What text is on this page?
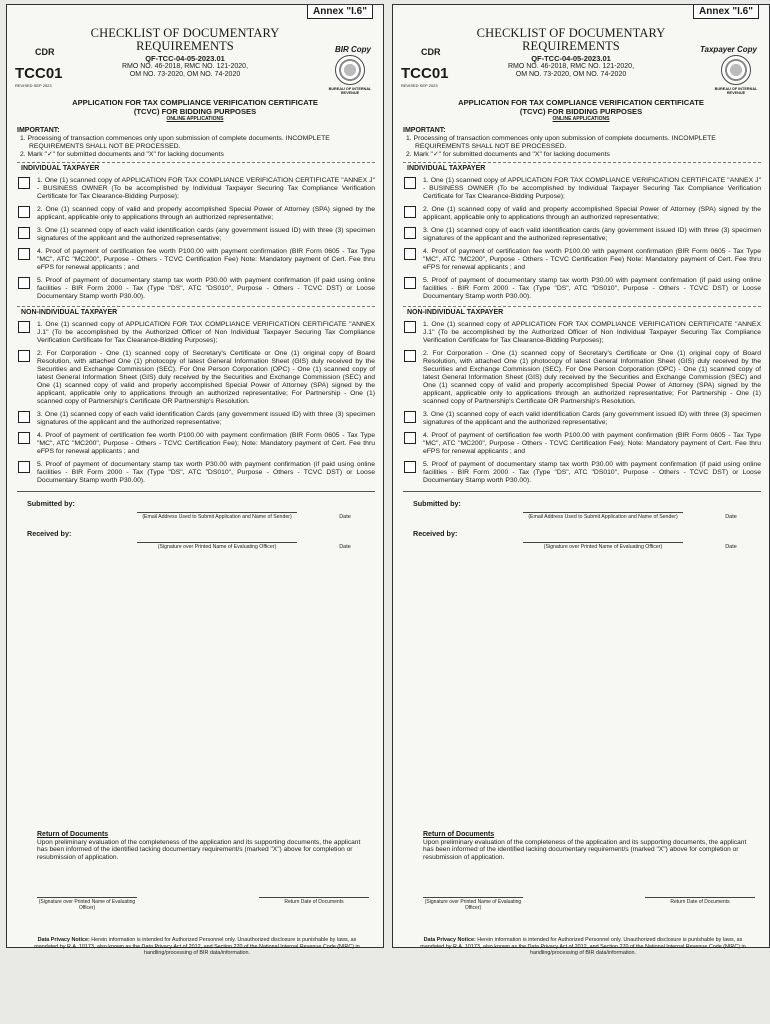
Annex "I.6"
CDR
TCC01
REVISED SEP 2023
CHECKLIST OF DOCUMENTARY REQUIREMENTS
QF-TCC-04-05-2023.01
RMO NO. 46-2018, RMC NO. 121-2020,
OM NO. 73-2020, OM NO. 74-2020
BIR Copy
BUREAU OF INTERNAL REVENUE
APPLICATION FOR TAX COMPLIANCE VERIFICATION CERTIFICATE
(TCVC) FOR BIDDING PURPOSES
ONLINE APPLICATIONS
IMPORTANT:

1. Processing of transaction commences only upon submission of complete documents. INCOMPLETE REQUIREMENTS SHALL NOT BE PROCESSED.

2. Mark "✓" for submitted documents and "X" for lacking documents

INDIVIDUAL TAXPAYER
1. One (1) scanned copy of APPLICATION FOR TAX COMPLIANCE VERIFICATION CERTIFICATE "ANNEX J" - BUSINESS OWNER (To be accomplished by Individual Taxpayer Securing Tax Compliance Verification Certificate for Tax Clearance-Bidding Purpose);
2. One (1) scanned copy of valid and properly accomplished Special Power of Attorney (SPA) signed by the applicant, applicable only to applications through an authorized representative;
3. One (1) scanned copy of each valid identification cards (any government issued ID) with three (3) specimen signatures of the applicant and the authorized representative;
4. Proof of payment of certification fee worth P100.00 with payment confirmation (BIR Form 0605 - Tax Type "MC", ATC "MC200", Purpose - Others - TCVC Certification Fee) Note: Mandatory payment of Cert. Fee thru eFPS for renewal applicants ; and
5. Proof of payment of documentary stamp tax worth P30.00 with payment confirmation (if paid using online facilities - BIR Form 2000 - Tax (Type "DS", ATC "DS010", Purpose - Others - TCVC DST) or Loose Documentary Stamp worth P30.00).
NON-INDIVIDUAL TAXPAYER
1. One (1) scanned copy of APPLICATION FOR TAX COMPLIANCE VERIFICATION CERTIFICATE "ANNEX J.1" (To be accomplished by the Authorized Officer of Non Individual Taxpayer Securing Tax Compliance Verification Certificate for Tax Clearance-Bidding Purposes);
2. For Corporation - One (1) scanned copy of Secretary's Certificate or One (1) original copy of Board Resolution, with attached One (1) photocopy of latest General Information Sheet (GIS) duly received by the Securities and Exchange Commission (SEC). For One Person Corporation (OPC) - One (1) scanned copy of latest General Information Sheet (GIS) duly received by the Securities and Exchange Commission (SEC) and One (1) scanned copy of valid and properly accomplished Special Power of Attorney (SPA) signed by the applicant, applicable only to applications through an authorized representative; For Partnership - One (1) scanned copy of Partnership's Certificate OR Partnership's Resolution.
3. One (1) scanned copy of each valid identification Cards (any government issued ID) with three (3) specimen signatures of the applicant and the authorized representative;
4. Proof of payment of certification fee worth P100.00 with payment confirmation (BIR Form 0605 - Tax Type "MC", ATC "MC200", Purpose - Others - TCVC Certification Fee); Note: Mandatory payment of Cert. Fee thru eFPS for renewal applicants ; and
5. Proof of payment of documentary stamp tax worth P30.00 with payment confirmation (if paid using online facilities - BIR Form 2000 - Tax (Type "DS", ATC "DS010", Purpose - Others - TCVC DST) or Loose Documentary Stamp worth P30.00).
Submitted by:
(Email Address Used to Submit Application and Name of Sender)	Date
Received by:
(Signature over Printed Name of Evaluating Officer)	Date
Return of Documents
Upon preliminary evaluation of the completeness of the application and its supporting documents, the applicant has been informed of the identified lacking documentary requirement/s (marked "X") above for completion or resubmission of application.
(Signature over Printed Name of Evaluating Officer)
Return Date of Documents
Data Privacy Notice: Herein information is intended for Authorized Personnel only. Unauthorized disclosure is punishable by laws, as mandated by R.A. 10173, also known as the Data Privacy Act of 2012, and Section 270 of the National Internal Revenue Code (NIRC) in handling/processing of BIR data/information.
Annex "I.6"
CDR
TCC01
REVISED SEP 2023
CHECKLIST OF DOCUMENTARY REQUIREMENTS
QF-TCC-04-05-2023.01
RMO NO. 46-2018, RMC NO. 121-2020,
OM NO. 73-2020, OM NO. 74-2020
Taxpayer Copy
BUREAU OF INTERNAL REVENUE
APPLICATION FOR TAX COMPLIANCE VERIFICATION CERTIFICATE
(TCVC) FOR BIDDING PURPOSES
ONLINE APPLICATIONS
IMPORTANT:

1. Processing of transaction commences only upon submission of complete documents. INCOMPLETE REQUIREMENTS SHALL NOT BE PROCESSED.

2. Mark "✓" for submitted documents and "X" for lacking documents

INDIVIDUAL TAXPAYER
1. One (1) scanned copy of APPLICATION FOR TAX COMPLIANCE VERIFICATION CERTIFICATE "ANNEX J" - BUSINESS OWNER (To be accomplished by Individual Taxpayer Securing Tax Compliance Verification Certificate for Tax Clearance-Bidding Purpose);
2. One (1) scanned copy of valid and properly accomplished Special Power of Attorney (SPA) signed by the applicant, applicable only to applications through an authorized representative;
3. One (1) scanned copy of each valid identification cards (any government issued ID) with three (3) specimen signatures of the applicant and the authorized representative;
4. Proof of payment of certification fee worth P100.00 with payment confirmation (BIR Form 0605 - Tax Type "MC", ATC "MC200", Purpose - Others - TCVC Certification Fee) Note: Mandatory payment of Cert. Fee thru eFPS for renewal applicants ; and
5. Proof of payment of documentary stamp tax worth P30.00 with payment confirmation (if paid using online facilities - BIR Form 2000 - Tax (Type "DS", ATC "DS010", Purpose - Others - TCVC DST) or Loose Documentary Stamp worth P30.00).
NON-INDIVIDUAL TAXPAYER
1. One (1) scanned copy of APPLICATION FOR TAX COMPLIANCE VERIFICATION CERTIFICATE "ANNEX J.1" (To be accomplished by the Authorized Officer of Non Individual Taxpayer Securing Tax Compliance Verification Certificate for Tax Clearance-Bidding Purposes);
2. For Corporation - One (1) scanned copy of Secretary's Certificate or One (1) original copy of Board Resolution, with attached One (1) photocopy of latest General Information Sheet (GIS) duly received by the Securities and Exchange Commission (SEC). For One Person Corporation (OPC) - One (1) scanned copy of latest General Information Sheet (GIS) duly received by the Securities and Exchange Commission (SEC) and One (1) scanned copy of valid and properly accomplished Special Power of Attorney (SPA) signed by the applicant, applicable only to applications through an authorized representative; For Partnership - One (1) scanned copy of Partnership's Certificate OR Partnership's Resolution.
3. One (1) scanned copy of each valid identification Cards (any government issued ID) with three (3) specimen signatures of the applicant and the authorized representative;
4. Proof of payment of certification fee worth P100.00 with payment confirmation (BIR Form 0605 - Tax Type "MC", ATC "MC200", Purpose - Others - TCVC Certification Fee); Note: Mandatory payment of Cert. Fee thru eFPS for renewal applicants ; and
5. Proof of payment of documentary stamp tax worth P30.00 with payment confirmation (if paid using online facilities - BIR Form 2000 - Tax (Type "DS", ATC "DS010", Purpose - Others - TCVC DST) or Loose Documentary Stamp worth P30.00).
Submitted by:
(Email Address Used to Submit Application and Name of Sender)	Date
Received by:
(Signature over Printed Name of Evaluating Officer)	Date
Return of Documents
Upon preliminary evaluation of the completeness of the application and its supporting documents, the applicant has been informed of the identified lacking documentary requirement/s (marked "X") above for completion or resubmission of application.
(Signature over Printed Name of Evaluating Officer)
Return Date of Documents
Data Privacy Notice: Herein information is intended for Authorized Personnel only. Unauthorized disclosure is punishable by laws, as mandated by R.A. 10173, also known as the Data Privacy Act of 2012, and Section 270 of the National Internal Revenue Code (NIRC) in handling/processing of BIR data/information.
